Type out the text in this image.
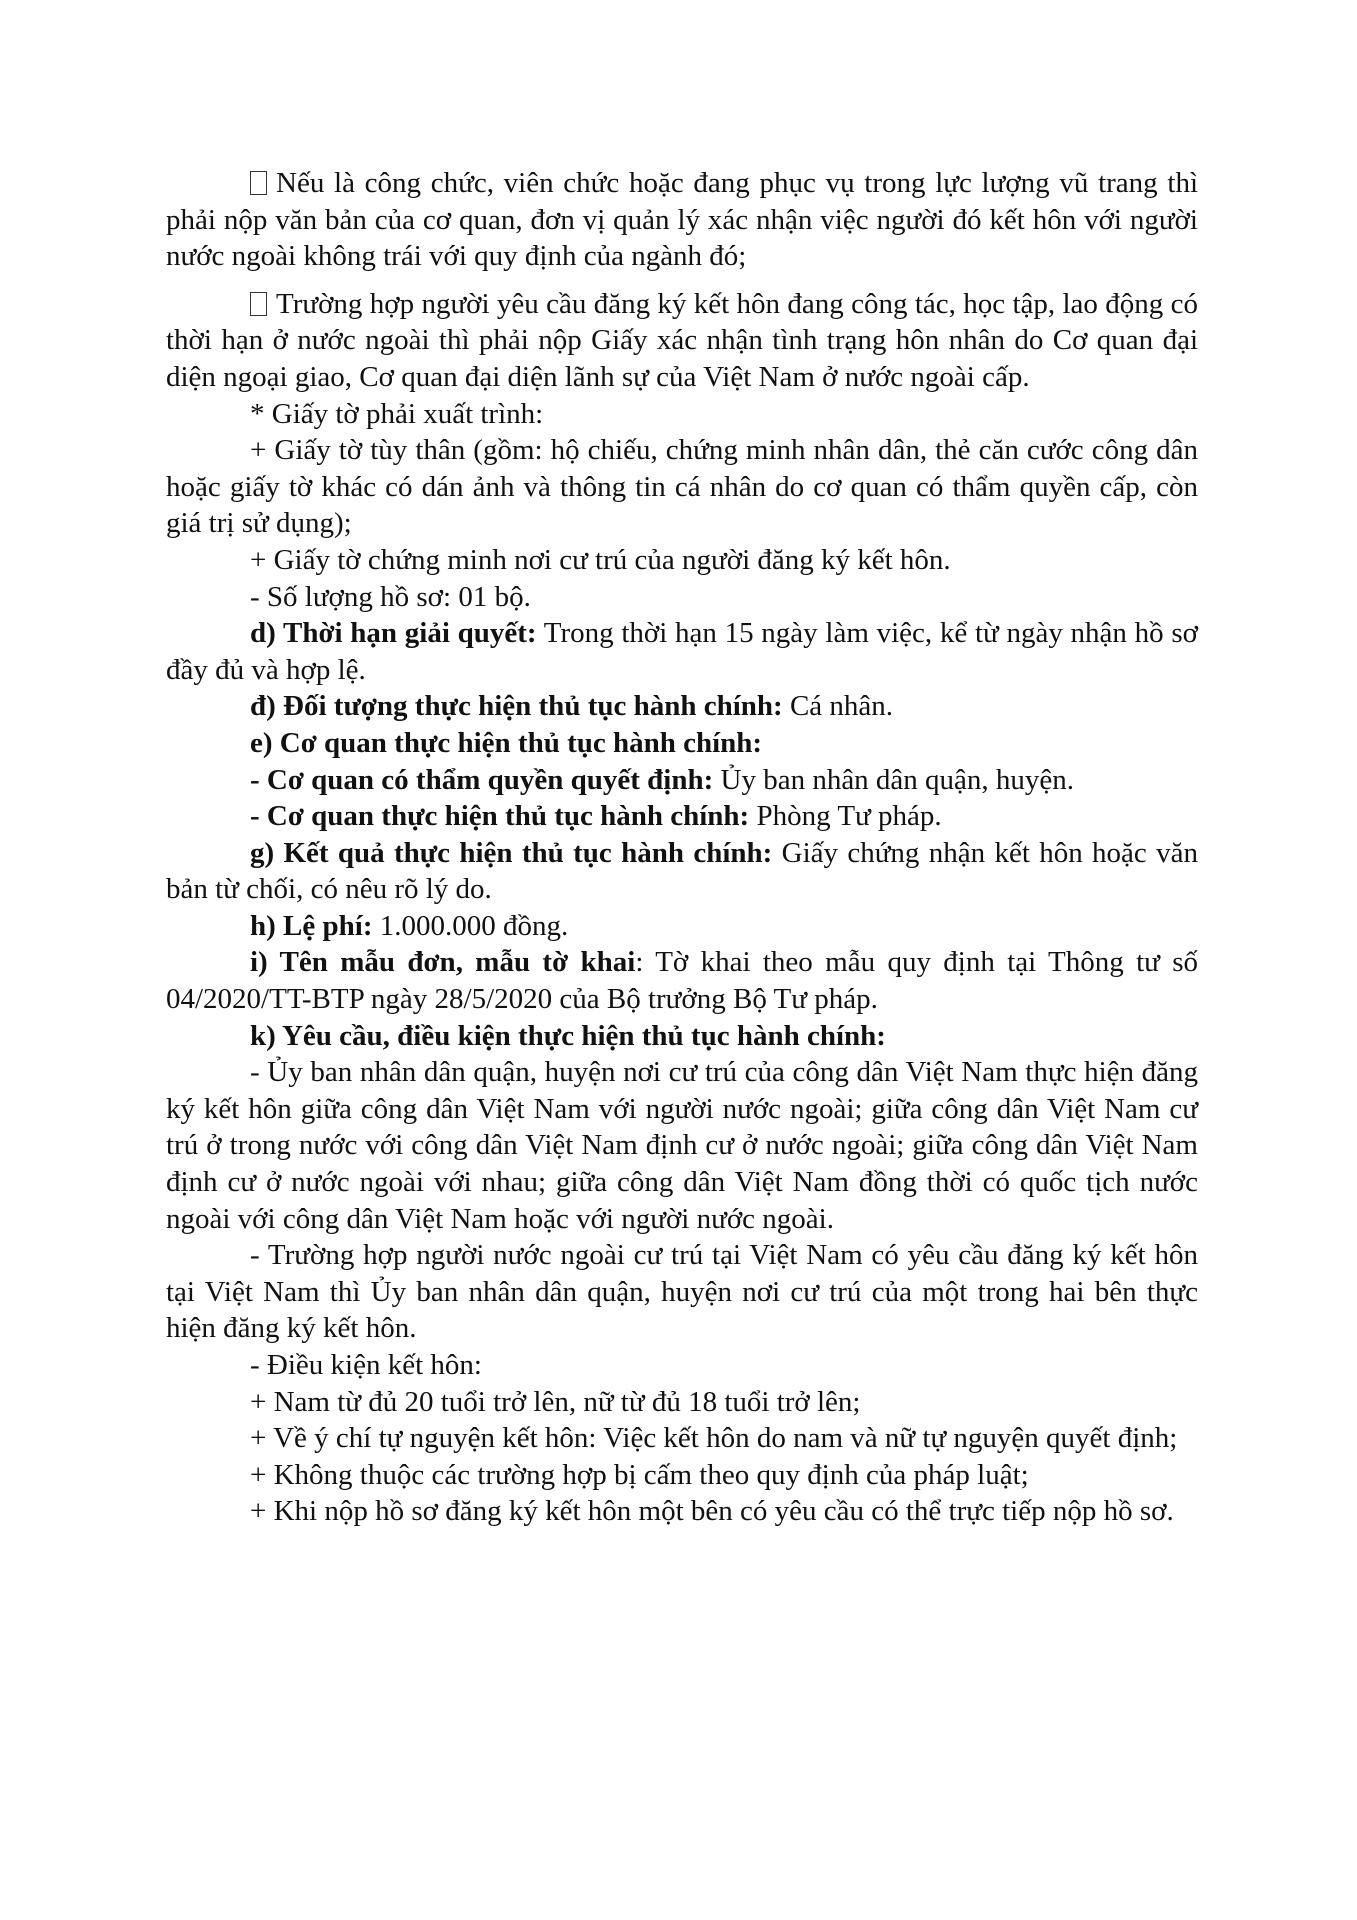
Nếu là công chức, viên chức hoặc đang phục vụ trong lực lượng vũ trang thì phải nộp văn bản của cơ quan, đơn vị quản lý xác nhận việc người đó kết hôn với người nước ngoài không trái với quy định của ngành đó;

Trường hợp người yêu cầu đăng ký kết hôn đang công tác, học tập, lao động có thời hạn ở nước ngoài thì phải nộp Giấy xác nhận tình trạng hôn nhân do Cơ quan đại diện ngoại giao, Cơ quan đại diện lãnh sự của Việt Nam ở nước ngoài cấp.

* Giấy tờ phải xuất trình:

+ Giấy tờ tùy thân (gồm: hộ chiếu, chứng minh nhân dân, thẻ căn cước công dân hoặc giấy tờ khác có dán ảnh và thông tin cá nhân do cơ quan có thẩm quyền cấp, còn giá trị sử dụng);

+ Giấy tờ chứng minh nơi cư trú của người đăng ký kết hôn.

- Số lượng hồ sơ: 01 bộ.

d) Thời hạn giải quyết: Trong thời hạn 15 ngày làm việc, kể từ ngày nhận hồ sơ đầy đủ và hợp lệ.

đ) Đối tượng thực hiện thủ tục hành chính: Cá nhân.

e) Cơ quan thực hiện thủ tục hành chính:

- Cơ quan có thẩm quyền quyết định: Ủy ban nhân dân quận, huyện.

- Cơ quan thực hiện thủ tục hành chính: Phòng Tư pháp.

g) Kết quả thực hiện thủ tục hành chính: Giấy chứng nhận kết hôn hoặc văn bản từ chối, có nêu rõ lý do.

h) Lệ phí: 1.000.000 đồng.

i) Tên mẫu đơn, mẫu tờ khai: Tờ khai theo mẫu quy định tại Thông tư số 04/2020/TT-BTP ngày 28/5/2020 của Bộ trưởng Bộ Tư pháp.

k) Yêu cầu, điều kiện thực hiện thủ tục hành chính:

- Ủy ban nhân dân quận, huyện nơi cư trú của công dân Việt Nam thực hiện đăng ký kết hôn giữa công dân Việt Nam với người nước ngoài; giữa công dân Việt Nam cư trú ở trong nước với công dân Việt Nam định cư ở nước ngoài; giữa công dân Việt Nam định cư ở nước ngoài với nhau; giữa công dân Việt Nam đồng thời có quốc tịch nước ngoài với công dân Việt Nam hoặc với người nước ngoài.

- Trường hợp người nước ngoài cư trú tại Việt Nam có yêu cầu đăng ký kết hôn tại Việt Nam thì Ủy ban nhân dân quận, huyện nơi cư trú của một trong hai bên thực hiện đăng ký kết hôn.

- Điều kiện kết hôn:

+ Nam từ đủ 20 tuổi trở lên, nữ từ đủ 18 tuổi trở lên;

+ Về ý chí tự nguyện kết hôn: Việc kết hôn do nam và nữ tự nguyện quyết định;

+ Không thuộc các trường hợp bị cấm theo quy định của pháp luật;

+ Khi nộp hồ sơ đăng ký kết hôn một bên có yêu cầu có thể trực tiếp nộp hồ sơ.
